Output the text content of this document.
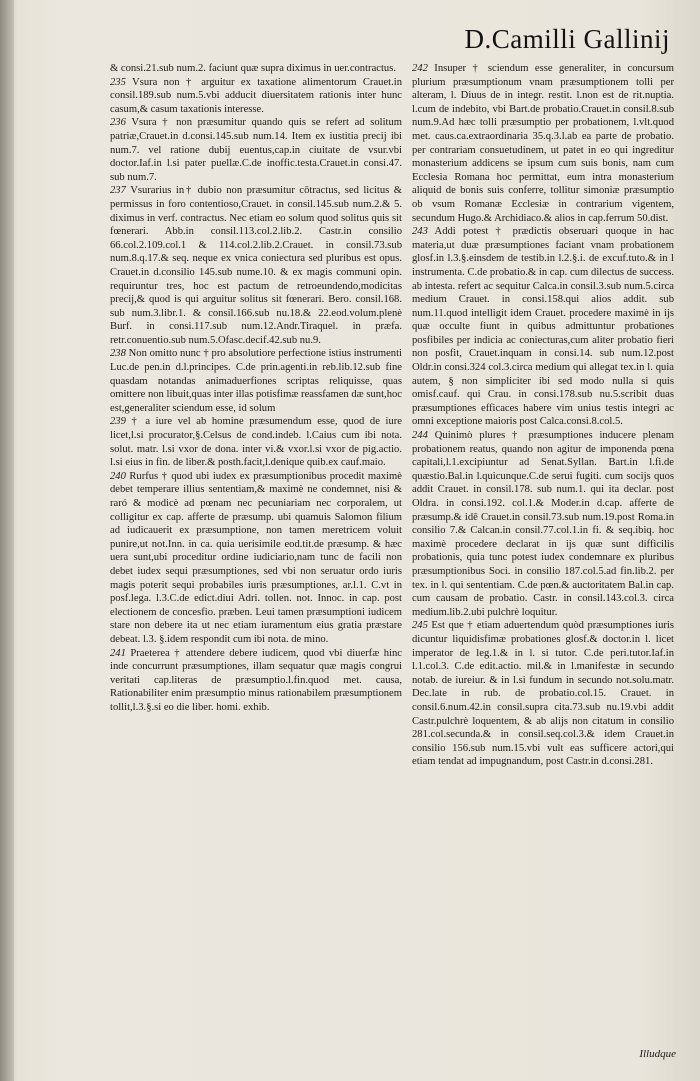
D.Camilli Gallinij
& consi.21.sub num.2. faciunt quæ supra diximus in uer.contractus.
235 Vsura non † arguitur ex taxatione alimentorum Crauet.in consil.189.sub num.5.vbi adducit diuersitatem rationis inter hunc casum,& casum taxationis interesse.
236 Vsura † non præsumitur quando quis se refert ad solitum patriæ,Crauet.in d.consi.145.sub num.14. Item ex iustitia precij ibi num.7. vel ratione dubij euentus,cap.in ciuitate de vsur.vbi doctor.Iaf.in l.si pater puellæ.C.de inoffic.testa.Crauet.in consi.47. sub num.7.
237 Vsurarius in† dubio non præsumitur cōtractus, sed licitus & permissus in foro contentioso,Crauet. in consil.145.sub num.2.& 5. diximus in verf. contractus. Nec etiam eo solum quod solitus quis sit fœnerari. Abb.in consil.113.col.2.lib.2. Castr.in consilio 66.col.2.109.col.1 & 114.col.2.lib.2.Crauet. in consil.73.sub num.8.q.17.& seq. neque ex vnica coniectura sed pluribus est opus. Crauet.in d.consilio 145.sub nume.10. & ex magis communi opin. requiruntur tres, hoc est pactum de retroeundendo,modicitas precij,& quod is qui arguitur solitus sit fœnerari. Bero. consil.168. sub num.3.libr.1. & consil.166.sub nu.18.& 22.eod.volum.plenè Burf. in consi.117.sub num.12.Andr.Tiraquel. in præfa. retr.conuentio.sub num.5.Ofasc.decif.42.sub nu.9.
238 Non omitto nunc † pro absolutiore perfectione istius instrumenti Luc.de pen.in d.l.principes. C.de prin.agenti.in reb.lib.12.sub fine quasdam notandas animaduerfiones scriptas reliquisse, quas omittere non libuit,quas inter illas potisfimæ reassfamen dæ sunt,hoc est,generaliter sciendum esse, id solum
239 † a iure vel ab homine præsumendum esse, quod de iure licet,l.si procurator,§.Celsus de cond.indeb. l.Caius cum ibi nota. solut. matr. l.si vxor de dona. inter vi.& vxor.l.si vxor de pig.actio. l.si eius in fin. de liber.& posth.facit,l.denique quib.ex cauf.maio.
240 Rurfus † quod ubi iudex ex præsumptionibus procedit maximè debet temperare illius sententiam,& maximè ne condemnet, nisi & raró & modicè ad pœnam nec pecuniariam nec corporalem, ut colligitur ex cap. afferte de præsump. ubi quamuis Salomon filium ad iudicauerit ex præsumptione, non tamen meretricem voluit punire,ut not.Inn. in ca. quia uerisimile eod.tit.de præsump. & hæc uera sunt,ubi proceditur ordine iudiciario,nam tunc de facili non debet iudex sequi præsumptiones, sed vbi non seruatur ordo iuris magis poterit sequi probabiles iuris præsumptiones, ar.l.1. C.vt in posf.lega. l.3.C.de edict.diui Adri. tollen. not. Innoc. in cap. post electionem de concesfio. præben. Leui tamen præsumptioni iudicem stare non debere ita ut nec etiam iuramentum eius gratia præstare debeat. l.3. §.idem respondit cum ibi nota. de mino.
241 Praeterea † attendere debere iudicem, quod vbi diuerfæ hinc inde concurrunt præsumptiones, illam sequatur quæ magis congrui veritati cap.literas de præsumptio.l.fin.quod met. causa, Rationabiliter enim præsumptio minus rationabilem præsumptionem tollit,l.3.§.si eo die liber. homi. exhib.
242 Insuper † sciendum esse generaliter, in concursum plurium præsumptionum vnam præsumptionem tolli per alteram, l. Diuus de in integr. restit. l.non est de rit.nuptia. l.cum de indebito, vbi Bart.de probatio.Crauet.in consil.8.sub num.9.Ad hæc tolli præsumptio per probationem, l.vlt.quod met. caus.ca.extraordinaria 35.q.3.l.ab ea parte de probatio. per contrariam consuetudinem, ut patet in eo qui ingreditur monasterium addicens se ipsum cum suis bonis, nam cum Ecclesia Romana hoc permittat, eum intra monasterium aliquid de bonis suis conferre, tollitur simoniæ præsumptio ob vsum Romanæ Ecclesiæ in contrarium vigentem, secundum Hugo.& Archidiaco.& alios in cap.ferrum 50.dist.
243 Addi potest † prædictis obseruari quoque in hac materia,ut duæ præsumptiones faciant vnam probationem glosf.in l.3.§.einsdem de testib.in l.2.§.i. de excuf.tuto.& in l instrumenta. C.de probatio.& in cap. cum dilectus de success. ab intesta. refert ac sequitur Calca.in consil.3.sub num.5.circa medium Crauet. in consi.158.qui alios addit. sub num.11.quod intelligit idem Crauet. procedere maximè in ijs quæ occulte fiunt in quibus admittuntur probationes posfibiles per indicia ac coniecturas,cum aliter probatio fieri non posfit, Crauet.inquam in consi.14. sub num.12.post Oldr.in consi.324 col.3.circa medium qui allegat tex.in l. quia autem, § non simpliciter ibi sed modo nulla si quis omisf.cauf. qui Crau. in consi.178.sub nu.5.scribit duas præsumptiones efficaces habere vim unius testis integri ac omni exceptione maioris post Calca.consi.8.col.5.
244 Quinimò plures † præsumptiones inducere plenam probationem reatus, quando non agitur de imponenda pœna capitali,l.1.excipiuntur ad Senat.Syllan. Bart.in l.fi.de quæstio.Bal.in l.quicunque.C.de serui fugiti. cum socijs quos addit Crauet. in consil.178. sub num.1. qui ita declar. post Oldra. in consi.192. col.1.& Moder.in d.cap. afferte de præsump.& idē Crauet.in consil.73.sub num.19.post Roma.in consilio 7.& Calcan.in consil.77.col.1.in fi. & seq.ibiq. hoc maximè procedere declarat in ijs quæ sunt difficilis probationis, quia tunc potest iudex condemnare ex pluribus præsumptionibus Soci. in consilio 187.col.5.ad fin.lib.2. per tex. in l. qui sententiam. C.de pœn.& auctoritatem Bal.in cap. cum causam de probatio. Castr. in consil.143.col.3. circa medium.lib.2.ubi pulchrè loquitur.
245 Est que † etiam aduertendum quòd præsumptiones iuris dicuntur liquidisfimæ probationes glosf.& doctor.in l. licet imperator de leg.1.& in l. si tutor. C.de peri.tutor.Iaf.in l.1.col.3. C.de edit.actio. mil.& in l.manifestæ in secundo notab. de iureiur. & in l.si fundum in secundo not.solu.matr. Dec.late in rub. de probatio.col.15. Crauet. in consil.6.num.42.in consil.supra cita.73.sub nu.19.vbi addit Castr.pulchrè loquentem, & ab alijs non citatum in consilio 281.col.secunda.& in consil.seq.col.3.& idem Crauet.in consilio 156.sub num.15.vbi vult eas sufficere actori,qui etiam tendat ad impugnandum, post Castr.in d.consi.281.
Illudque
